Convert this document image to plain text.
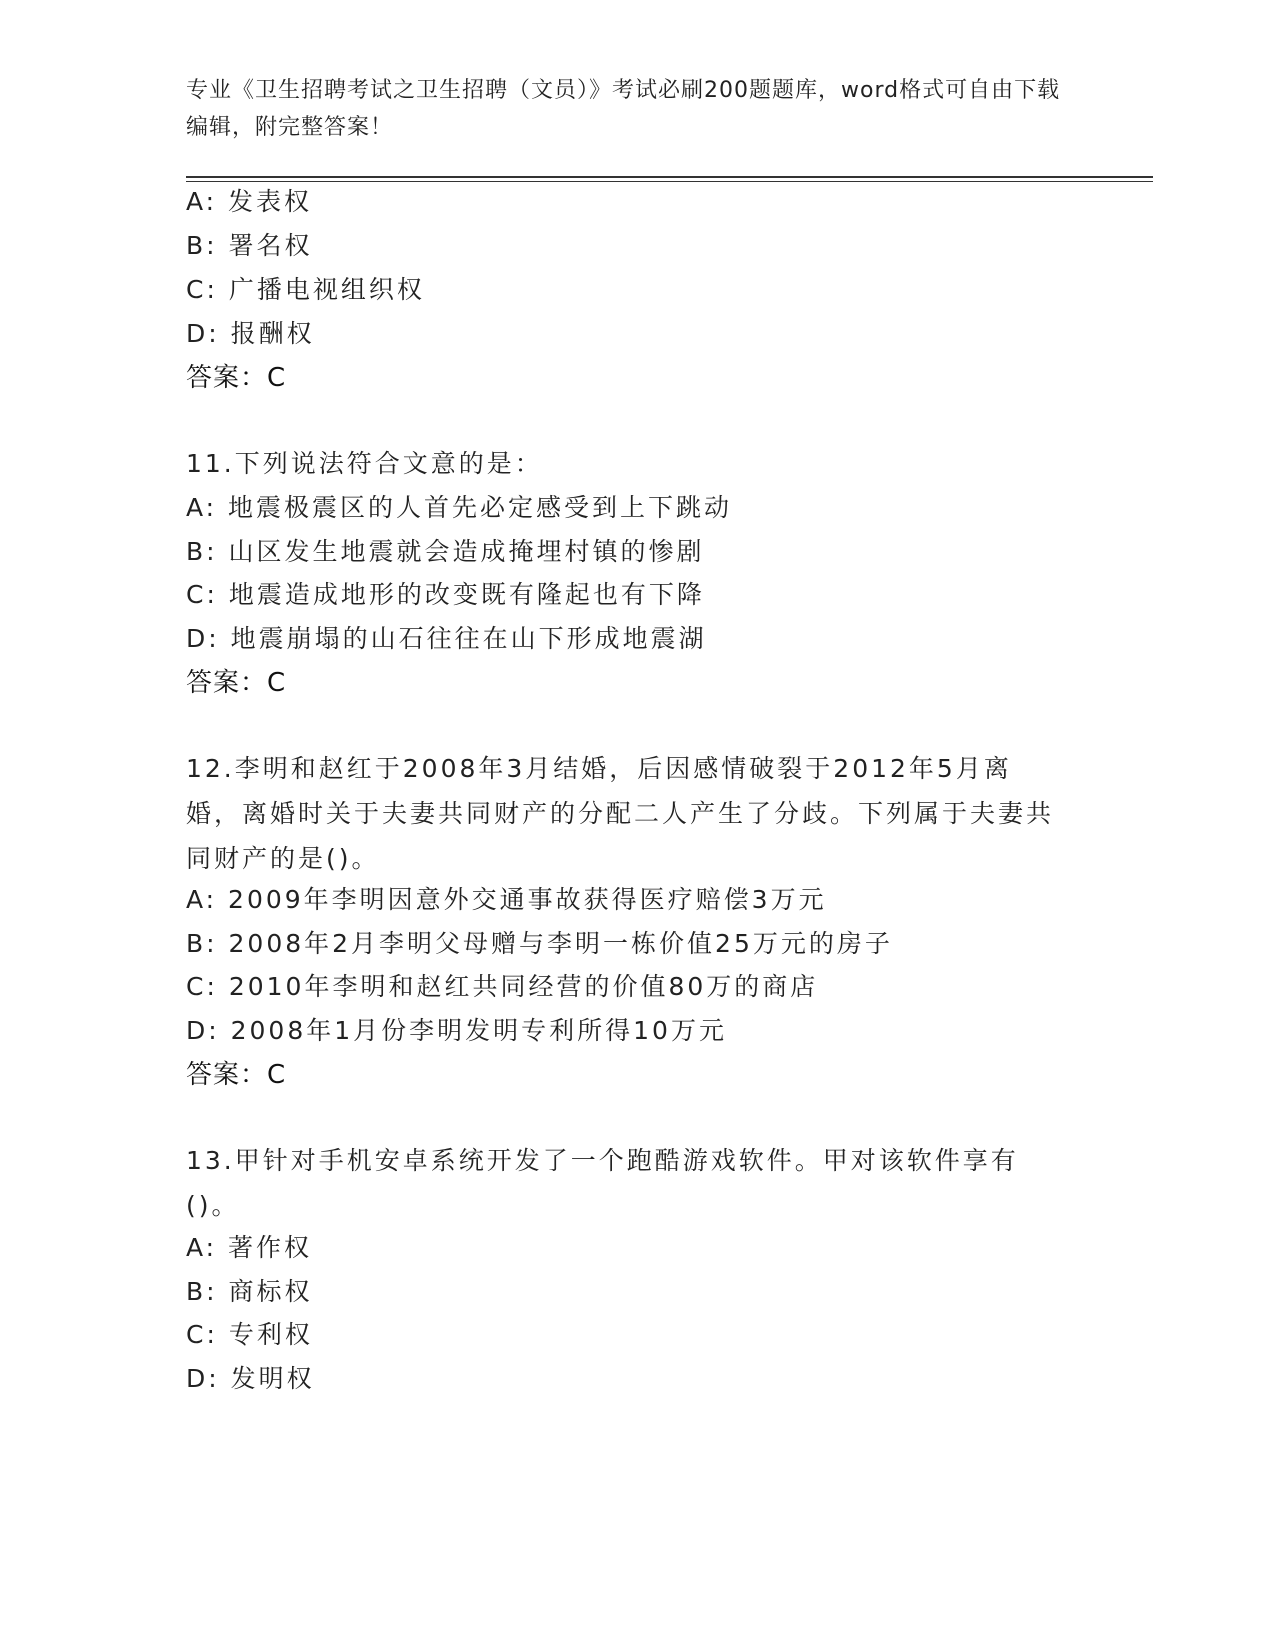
专业《卫生招聘考试之卫生招聘（文员）》考试必刷200题题库，word格式可自由下载编辑，附完整答案！
A: 发表权
B: 署名权
C: 广播电视组织权
D: 报酬权
答案：C
11.下列说法符合文意的是：
A: 地震极震区的人首先必定感受到上下跳动
B: 山区发生地震就会造成掩埋村镇的惨剧
C: 地震造成地形的改变既有隆起也有下降
D: 地震崩塌的山石往往在山下形成地震湖
答案：C
12.李明和赵红于2008年3月结婚，后因感情破裂于2012年5月离婚，离婚时关于夫妻共同财产的分配二人产生了分歧。下列属于夫妻共同财产的是()。
A: 2009年李明因意外交通事故获得医疗赔偿3万元
B: 2008年2月李明父母赠与李明一栋价值25万元的房子
C: 2010年李明和赵红共同经营的价值80万的商店
D: 2008年1月份李明发明专利所得10万元
答案：C
13.甲针对手机安卓系统开发了一个跑酷游戏软件。甲对该软件享有()。
A: 著作权
B: 商标权
C: 专利权
D: 发明权
